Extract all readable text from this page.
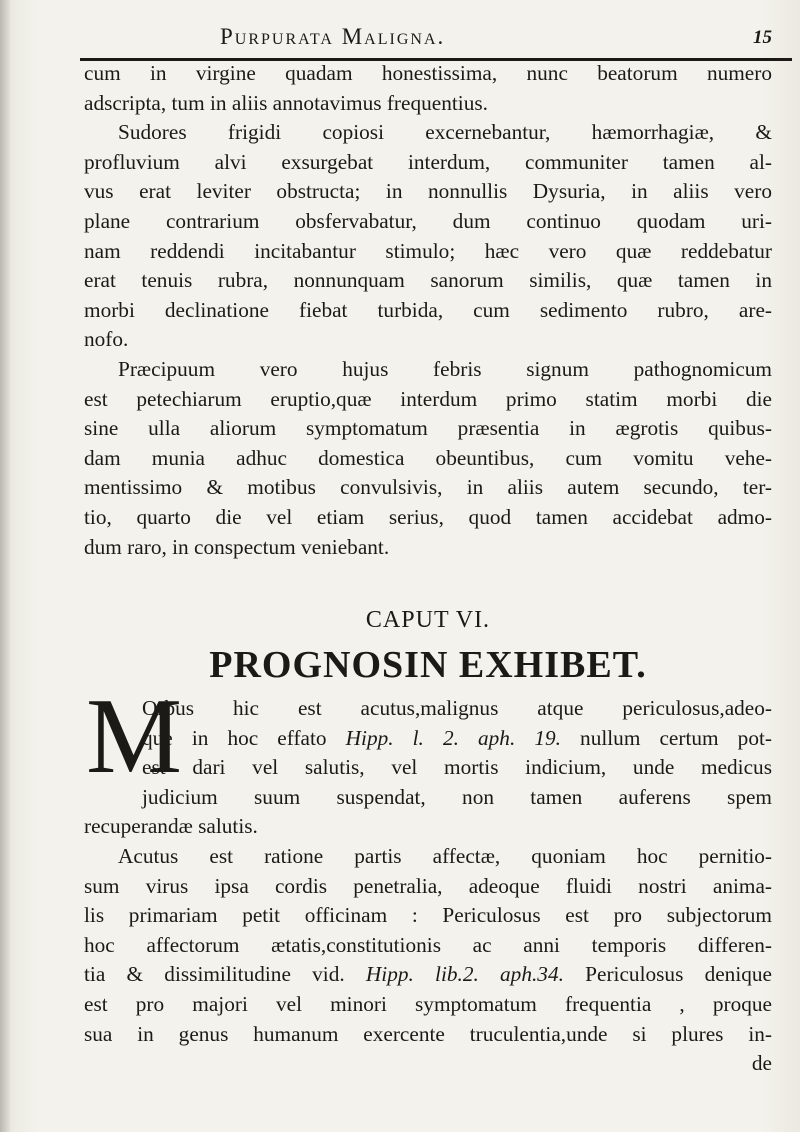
Purpurata Maligna.	15
cum in virgine quadam honestissima, nunc beatorum numero
adscripta, tum in aliis annotavimus frequentius.
Sudores frigidi copiosi excernebantur, hæmorrhagiæ, &
profluvium alvi exsurgebat interdum, communiter tamen al-
vus erat leviter obstructa; in nonnullis Dysuria, in aliis vero
plane contrarium obsfervabatur, dum continuo quodam uri-
nam reddendi incitabantur stimulo; hæc vero quæ reddebatur
erat tenuis rubra, nonnunquam sanorum similis, quæ tamen in
morbi declinatione fiebat turbida, cum sedimento rubro, are-
nofo.
Præcipuum vero hujus febris signum pathognomicum
est petechiarum eruptio,quæ interdum primo statim morbi die
sine ulla aliorum symptomatum præsentia in ægrotis quibus-
dam munia adhuc domestica obeuntibus, cum vomitu vehe-
mentissimo & motibus convulsivis, in aliis autem secundo, ter-
tio, quarto die vel etiam serius, quod tamen accidebat admo-
dum raro, in conspectum veniebant.
CAPUT VI.
PROGNOSIN EXHIBET.
M
Orbus hic est acutus,malignus atque periculosus,adeo-
que in hoc effato Hipp. l. 2. aph. 19. nullum certum pot-
est dari vel salutis, vel mortis indicium, unde medicus
judicium suum suspendat, non tamen auferens spem
recuperandæ salutis.
Acutus est ratione partis affectæ, quoniam hoc pernitio-
sum virus ipsa cordis penetralia, adeoque fluidi nostri anima-
lis primariam petit officinam : Periculosus est pro subjectorum
hoc affectorum ætatis,constitutionis ac anni temporis differen-
tia & dissimilitudine vid. Hipp. lib.2. aph.34. Periculosus denique
est pro majori vel minori symptomatum frequentia , proque
sua in genus humanum exercente truculentia,unde si plures in-
de
